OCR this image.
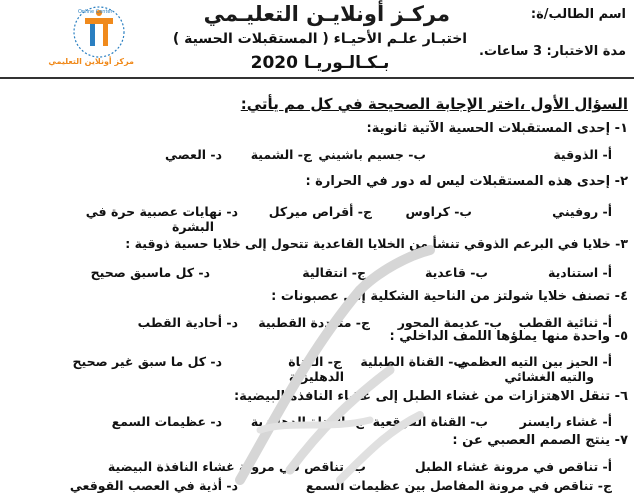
اسم الطالب/ة:
مدة الاختبار: 3 ساعات.
مركـز أونلايـن التعليـمي
اختبـار علـم الأحيـاء ( المستقبلات الحسية )
بـكـالـوريـا 2020
Online Center
مركز أونلاين التعليمي
السؤال الأول ،اختر الإجابة الصحيحة في كل مم يأتي:
١- إحدى المستقبلات الحسية الآتية ثانوية:
أ- الذوقية
ب- جسيم باشيني
ج- الشمية
د- العصي
٢- إحدى هذه المستقبلات ليس له دور في الحرارة :
أ- روفيني
ب- كراوس
ج- أقراص ميركل
د- نهايات عصبية حرة في
البشرة
٣- خلايا في البرعم الذوقي تنشأ من الخلايا القاعدية تتحول إلى خلايا حسية ذوقية :
أ- استنادية
ب- قاعدية
ج- انتقالية
د- كل ماسبق صحيح
٤- تصنف خلايا شولتز من الناحية الشكلية إلى عصبونات :
أ- ثنائية القطب
ب- عديمة المحور
ج- متعددة القطبية
د- أحادية القطب
٥- واحدة منها يملؤها اللمف الداخلي :
أ- الحيز بين التيه العظمي
والتيه الغشائي
ب- القناة الطبلية
ج- القناة
الدهليزية
د- كل ما سبق غير صحيح
٦- تنقل الاهتزازات من غشاء الطبل إلى غشاء النافذة البيضية:
أ- غشاء رايسنر
ب- القناة القوقعية
ج- القناة الدهليزية
د- عظيمات السمع
٧- ينتج الصمم العصبي عن :
أ- تناقص في مرونة غشاء الطبل
ب- تناقص في مرونة غشاء النافذة البيضية
ج- تناقص في مرونة المفاصل بين عظيمات السمع
د- أذية في العصب القوقعي
